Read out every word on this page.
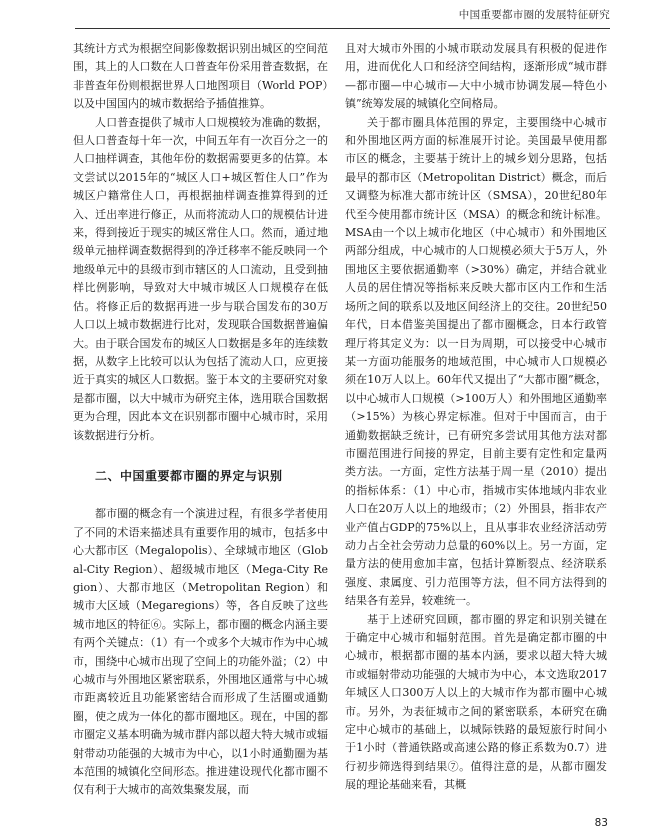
中国重要都市圈的发展特征研究

其统计方式为根据空间影像数据识别出城区的空间范围，其上的人口数在人口普查年份采用普查数据，在非普查年份则根据世界人口地图项目（World POP）以及中国国内的城市数据给予插值推算。

人口普查提供了城市人口规模较为准确的数据，但人口普查每十年一次，中间五年有一次百分之一的人口抽样调查，其他年份的数据需要更多的估算。本文尝试以2015年的“城区人口+城区暂住人口”作为城区户籍常住人口，再根据抽样调查推算得到的迁入、迁出率进行修正，从而将流动人口的规模估计进来，得到接近于现实的城区常住人口。然而，通过地级单元抽样调查数据得到的净迁移率不能反映同一个地级单元中的县级市到市辖区的人口流动，且受到抽样比例影响，导致对大中城市城区人口规模存在低估。将修正后的数据再进一步与联合国发布的30万人口以上城市数据进行比对，发现联合国数据普遍偏大。由于联合国发布的城区人口数据是多年的连续数据，从数字上比较可以认为包括了流动人口，应更接近于真实的城区人口数据。鉴于本文的主要研究对象是都市圈，以大中城市为研究主体，选用联合国数据更为合理，因此本文在识别都市圈中心城市时，采用该数据进行分析。

二、中国重要都市圈的界定与识别

都市圈的概念有一个演进过程，有很多学者使用了不同的术语来描述具有重要作用的城市，包括多中心大都市区（Megalopolis）、全球城市地区（Global-City Region）、超级城市地区（Mega-City Region）、大都市地区（Metropolitan Region）和城市大区域（Megaregions）等，各自反映了这些城市地区的特征⑥。实际上，都市圈的概念内涵主要有两个关键点：（1）有一个或多个大城市作为中心城市，围绕中心城市出现了空间上的功能外溢；（2）中心城市与外围地区紧密联系，外围地区通常与中心城市距离较近且功能紧密结合而形成了生活圈或通勤圈，使之成为一体化的都市圈地区。现在，中国的都市圈定义基本明确为城市群内部以超大特大城市或辐射带动功能强的大城市为中心，以1小时通勤圈为基本范围的城镇化空间形态。推进建设现代化都市圈不仅有利于大城市的高效集聚发展，而

且对大城市外围的小城市联动发展具有积极的促进作用，进而优化人口和经济空间结构，逐渐形成“城市群—都市圈—中心城市—大中小城市协调发展—特色小镇”统筹发展的城镇化空间格局。

关于都市圈具体范围的界定，主要围绕中心城市和外围地区两方面的标准展开讨论。美国最早使用都市区的概念，主要基于统计上的城乡划分思路，包括最早的都市区（Metropolitan District）概念，而后又调整为标准大都市统计区（SMSA），20世纪80年代至今使用都市统计区（MSA）的概念和统计标准。MSA由一个以上城市化地区（中心城市）和外围地区两部分组成，中心城市的人口规模必须大于5万人，外围地区主要依据通勤率（>30%）确定，并结合就业人员的居住情况等指标来反映大都市区内工作和生活场所之间的联系以及地区间经济上的交往。20世纪50年代，日本借鉴美国提出了都市圈概念，日本行政管理厅将其定义为：以一日为周期，可以接受中心城市某一方面功能服务的地域范围，中心城市人口规模必须在10万人以上。60年代又提出了“大都市圈”概念，以中心城市人口规模（>100万人）和外围地区通勤率（>15%）为核心界定标准。但对于中国而言，由于通勤数据缺乏统计，已有研究多尝试用其他方法对都市圈范围进行间接的界定，目前主要有定性和定量两类方法。一方面，定性方法基于周一星（2010）提出的指标体系：（1）中心市，指城市实体地域内非农业人口在20万人以上的地级市；（2）外围县，指非农产业产值占GDP的75%以上，且从事非农业经济活动劳动力占全社会劳动力总量的60%以上。另一方面，定量方法的使用愈加丰富，包括计算断裂点、经济联系强度、隶属度、引力范围等方法，但不同方法得到的结果各有差异，较难统一。

基于上述研究回顾，都市圈的界定和识别关键在于确定中心城市和辐射范围。首先是确定都市圈的中心城市，根据都市圈的基本内涵，要求以超大特大城市或辐射带动功能强的大城市为中心，本文选取2017年城区人口300万人以上的大城市作为都市圈中心城市。另外，为表征城市之间的紧密联系，本研究在确定中心城市的基础上，以城际铁路的最短旅行时间小于1小时（普通铁路或高速公路的修正系数为0.7）进行初步筛选得到结果⑦。值得注意的是，从都市圈发展的理论基础来看，其概

83
